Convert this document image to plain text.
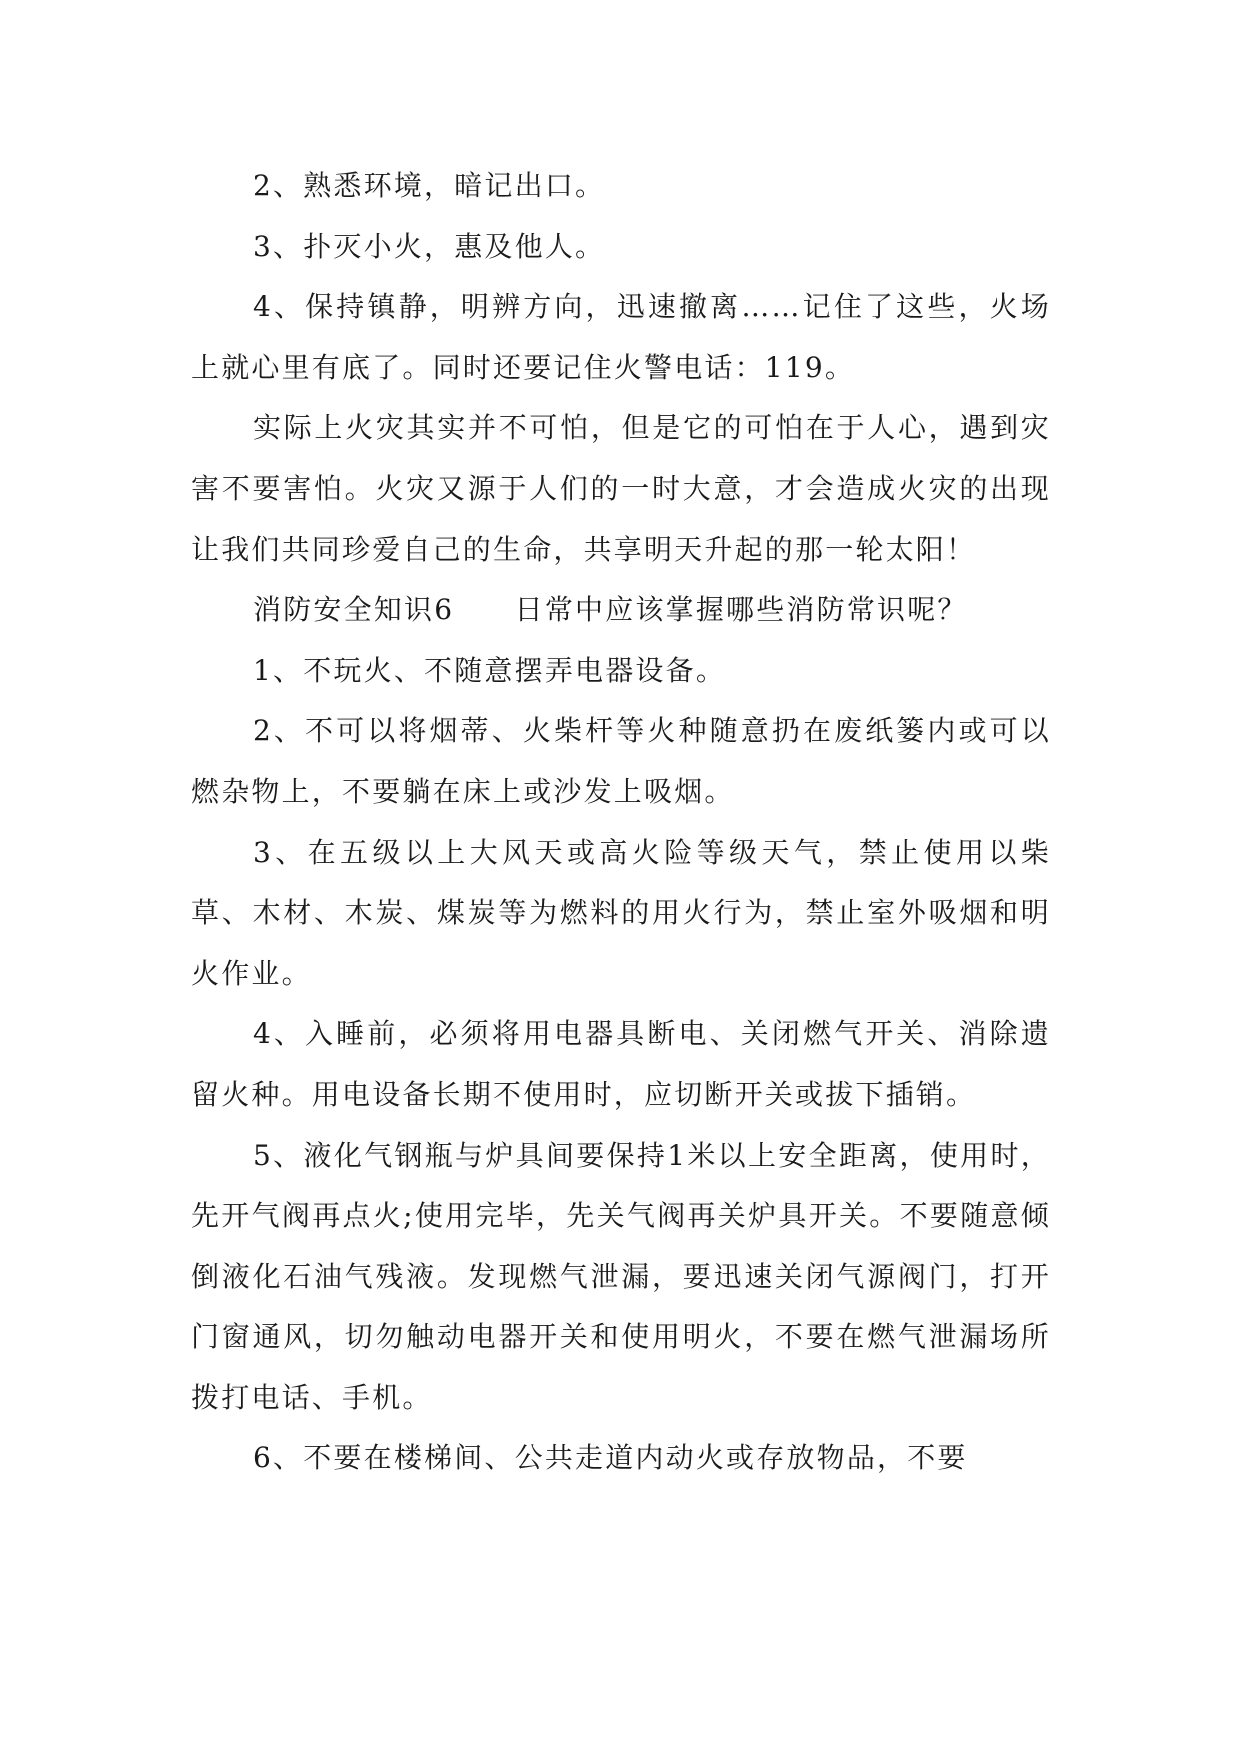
2、熟悉环境，暗记出口。

3、扑灭小火，惠及他人。

4、保持镇静，明辨方向，迅速撤离……记住了这些，火场上就心里有底了。同时还要记住火警电话：119。

实际上火灾其实并不可怕，但是它的可怕在于人心，遇到灾害不要害怕。火灾又源于人们的一时大意，才会造成火灾的出现让我们共同珍爱自己的生命，共享明天升起的那一轮太阳！

消防安全知识6　　日常中应该掌握哪些消防常识呢？

1、不玩火、不随意摆弄电器设备。

2、不可以将烟蒂、火柴杆等火种随意扔在废纸篓内或可以燃杂物上，不要躺在床上或沙发上吸烟。

3、在五级以上大风天或高火险等级天气，禁止使用以柴草、木材、木炭、煤炭等为燃料的用火行为，禁止室外吸烟和明火作业。

4、入睡前，必须将用电器具断电、关闭燃气开关、消除遗留火种。用电设备长期不使用时，应切断开关或拔下插销。

5、液化气钢瓶与炉具间要保持1米以上安全距离，使用时，先开气阀再点火;使用完毕，先关气阀再关炉具开关。不要随意倾倒液化石油气残液。发现燃气泄漏，要迅速关闭气源阀门，打开门窗通风，切勿触动电器开关和使用明火，不要在燃气泄漏场所拨打电话、手机。

6、不要在楼梯间、公共走道内动火或存放物品，不要
